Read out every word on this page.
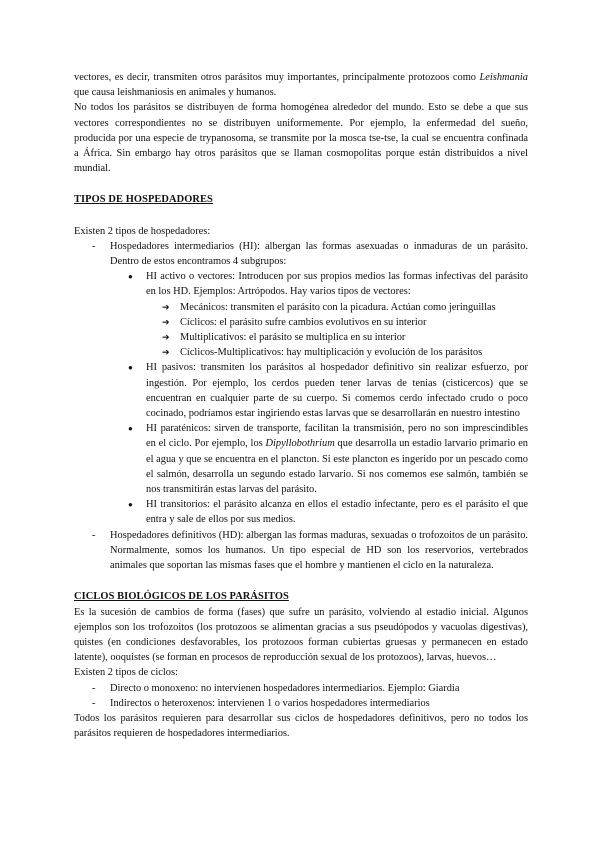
vectores, es decir, transmiten otros parásitos muy importantes, principalmente protozoos como Leishmania que causa leishmaniosis en animales y humanos.

No todos los parásitos se distribuyen de forma homogénea alrededor del mundo. Esto se debe a que sus vectores correspondientes no se distribuyen uniformemente. Por ejemplo, la enfermedad del sueño, producida por una especie de trypanosoma, se transmite por la mosca tse-tse, la cual se encuentra confinada a África. Sin embargo hay otros parásitos que se llaman cosmopolitas porque están distribuidos a nivel mundial.

TIPOS DE HOSPEDADORES

Existen 2 tipos de hospedadores:

- Hospedadores intermediarios (HI): albergan las formas asexuadas o inmaduras de un parásito. Dentro de estos encontramos 4 subgrupos:
● HI activo o vectores: Introducen por sus propios medios las formas infectivas del parásito en los HD. Ejemplos: Artrópodos. Hay varios tipos de vectores:
➔ Mecánicos: transmiten el parásito con la picadura. Actúan como jeringuillas
➔ Cíclicos: el parásito sufre cambios evolutivos en su interior
➔ Multiplicativos: el parásito se multiplica en su interior
➔ Cíclicos-Multiplicativos: hay multiplicación y evolución de los parásitos
● HI pasivos: transmiten los parásitos al hospedador definitivo sin realizar esfuerzo, por ingestión. Por ejemplo, los cerdos pueden tener larvas de tenias (cisticercos) que se encuentran en cualquier parte de su cuerpo. Si comemos cerdo infectado crudo o poco cocinado, podríamos estar ingiriendo estas larvas que se desarrollarán en nuestro intestino
● HI paraténicos: sirven de transporte, facilitan la transmisión, pero no son imprescindibles en el ciclo. Por ejemplo, los Dipyllobothrium que desarrolla un estadio larvario primario en el agua y que se encuentra en el plancton. Si este plancton es ingerido por un pescado como el salmón, desarrolla un segundo estado larvario. Si nos comemos ese salmón, también se nos transmitirán estas larvas del parásito.
● HI transitorios: el parásito alcanza en ellos el estadio infectante, pero es el parásito el que entra y sale de ellos por sus medios.
- Hospedadores definitivos (HD): albergan las formas maduras, sexuadas o trofozoitos de un parásito. Normalmente, somos los humanos. Un tipo especial de HD son los reservorios, vertebrados animales que soportan las mismas fases que el hombre y mantienen el ciclo en la naturaleza.

CICLOS BIOLÓGICOS DE LOS PARÁSITOS

Es la sucesión de cambios de forma (fases) que sufre un parásito, volviendo al estadio inicial. Algunos ejemplos son los trofozoitos (los protozoos se alimentan gracias a sus pseudópodos y vacuolas digestivas), quistes (en condiciones desfavorables, los protozoos forman cubiertas gruesas y permanecen en estado latente), ooquistes (se forman en procesos de reproducción sexual de los protozoos), larvas, huevos…

Existen 2 tipos de ciclos:

- Directo o monoxeno: no intervienen hospedadores intermediarios. Ejemplo: Giardia
- Indirectos o heteroxenos: intervienen 1 o varios hospedadores intermediarios

Todos los parásitos requieren para desarrollar sus ciclos de hospedadores definitivos, pero no todos los parásitos requieren de hospedadores intermediarios.
